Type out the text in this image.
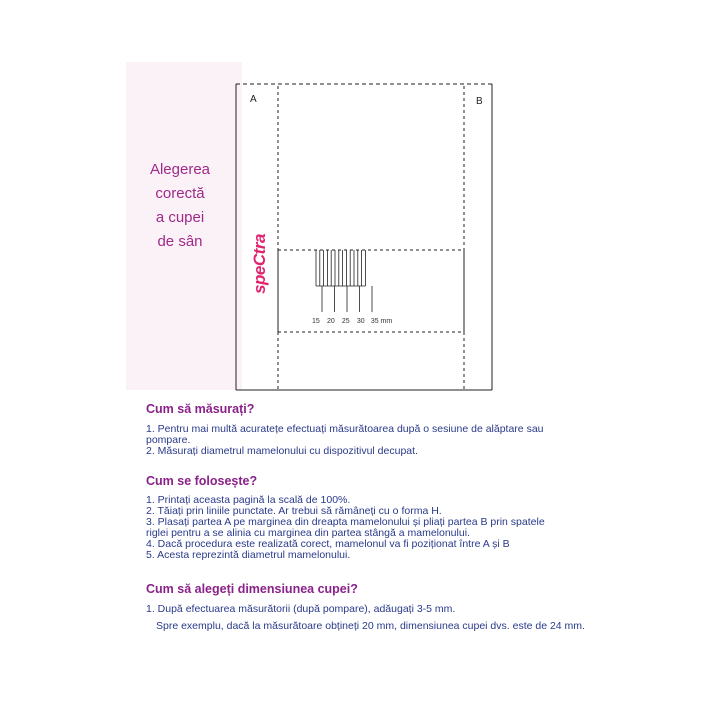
Alegerea
corectă
a cupei
de sân
A	B
15 20 25 30 35 mm
speCtra
Cum să măsurați?
1. Pentru mai multă acuratețe efectuați măsurătoarea după o sesiune de alăptare sau pompare.
2. Măsurați diametrul mamelonului cu dispozitivul decupat.
Cum se folosește?
1. Printați aceasta pagină la scală de 100%.
2. Tăiați prin liniile punctate. Ar trebui să rămâneți cu o forma H.
3. Plasați partea A pe marginea din dreapta mamelonului și pliați partea B prin spatele riglei pentru a se alinia cu marginea din partea stângă a mamelonului.
4. Dacă procedura este realizată corect, mamelonul va fi poziționat între A și B
5. Acesta reprezintă diametrul mamelonului.
Cum să alegeți dimensiunea cupei?
1. După efectuarea măsurătorii (după pompare), adăugați 3-5 mm.
Spre exemplu, dacă la măsurătoare obțineți 20 mm, dimensiunea cupei dvs. este de 24 mm.
